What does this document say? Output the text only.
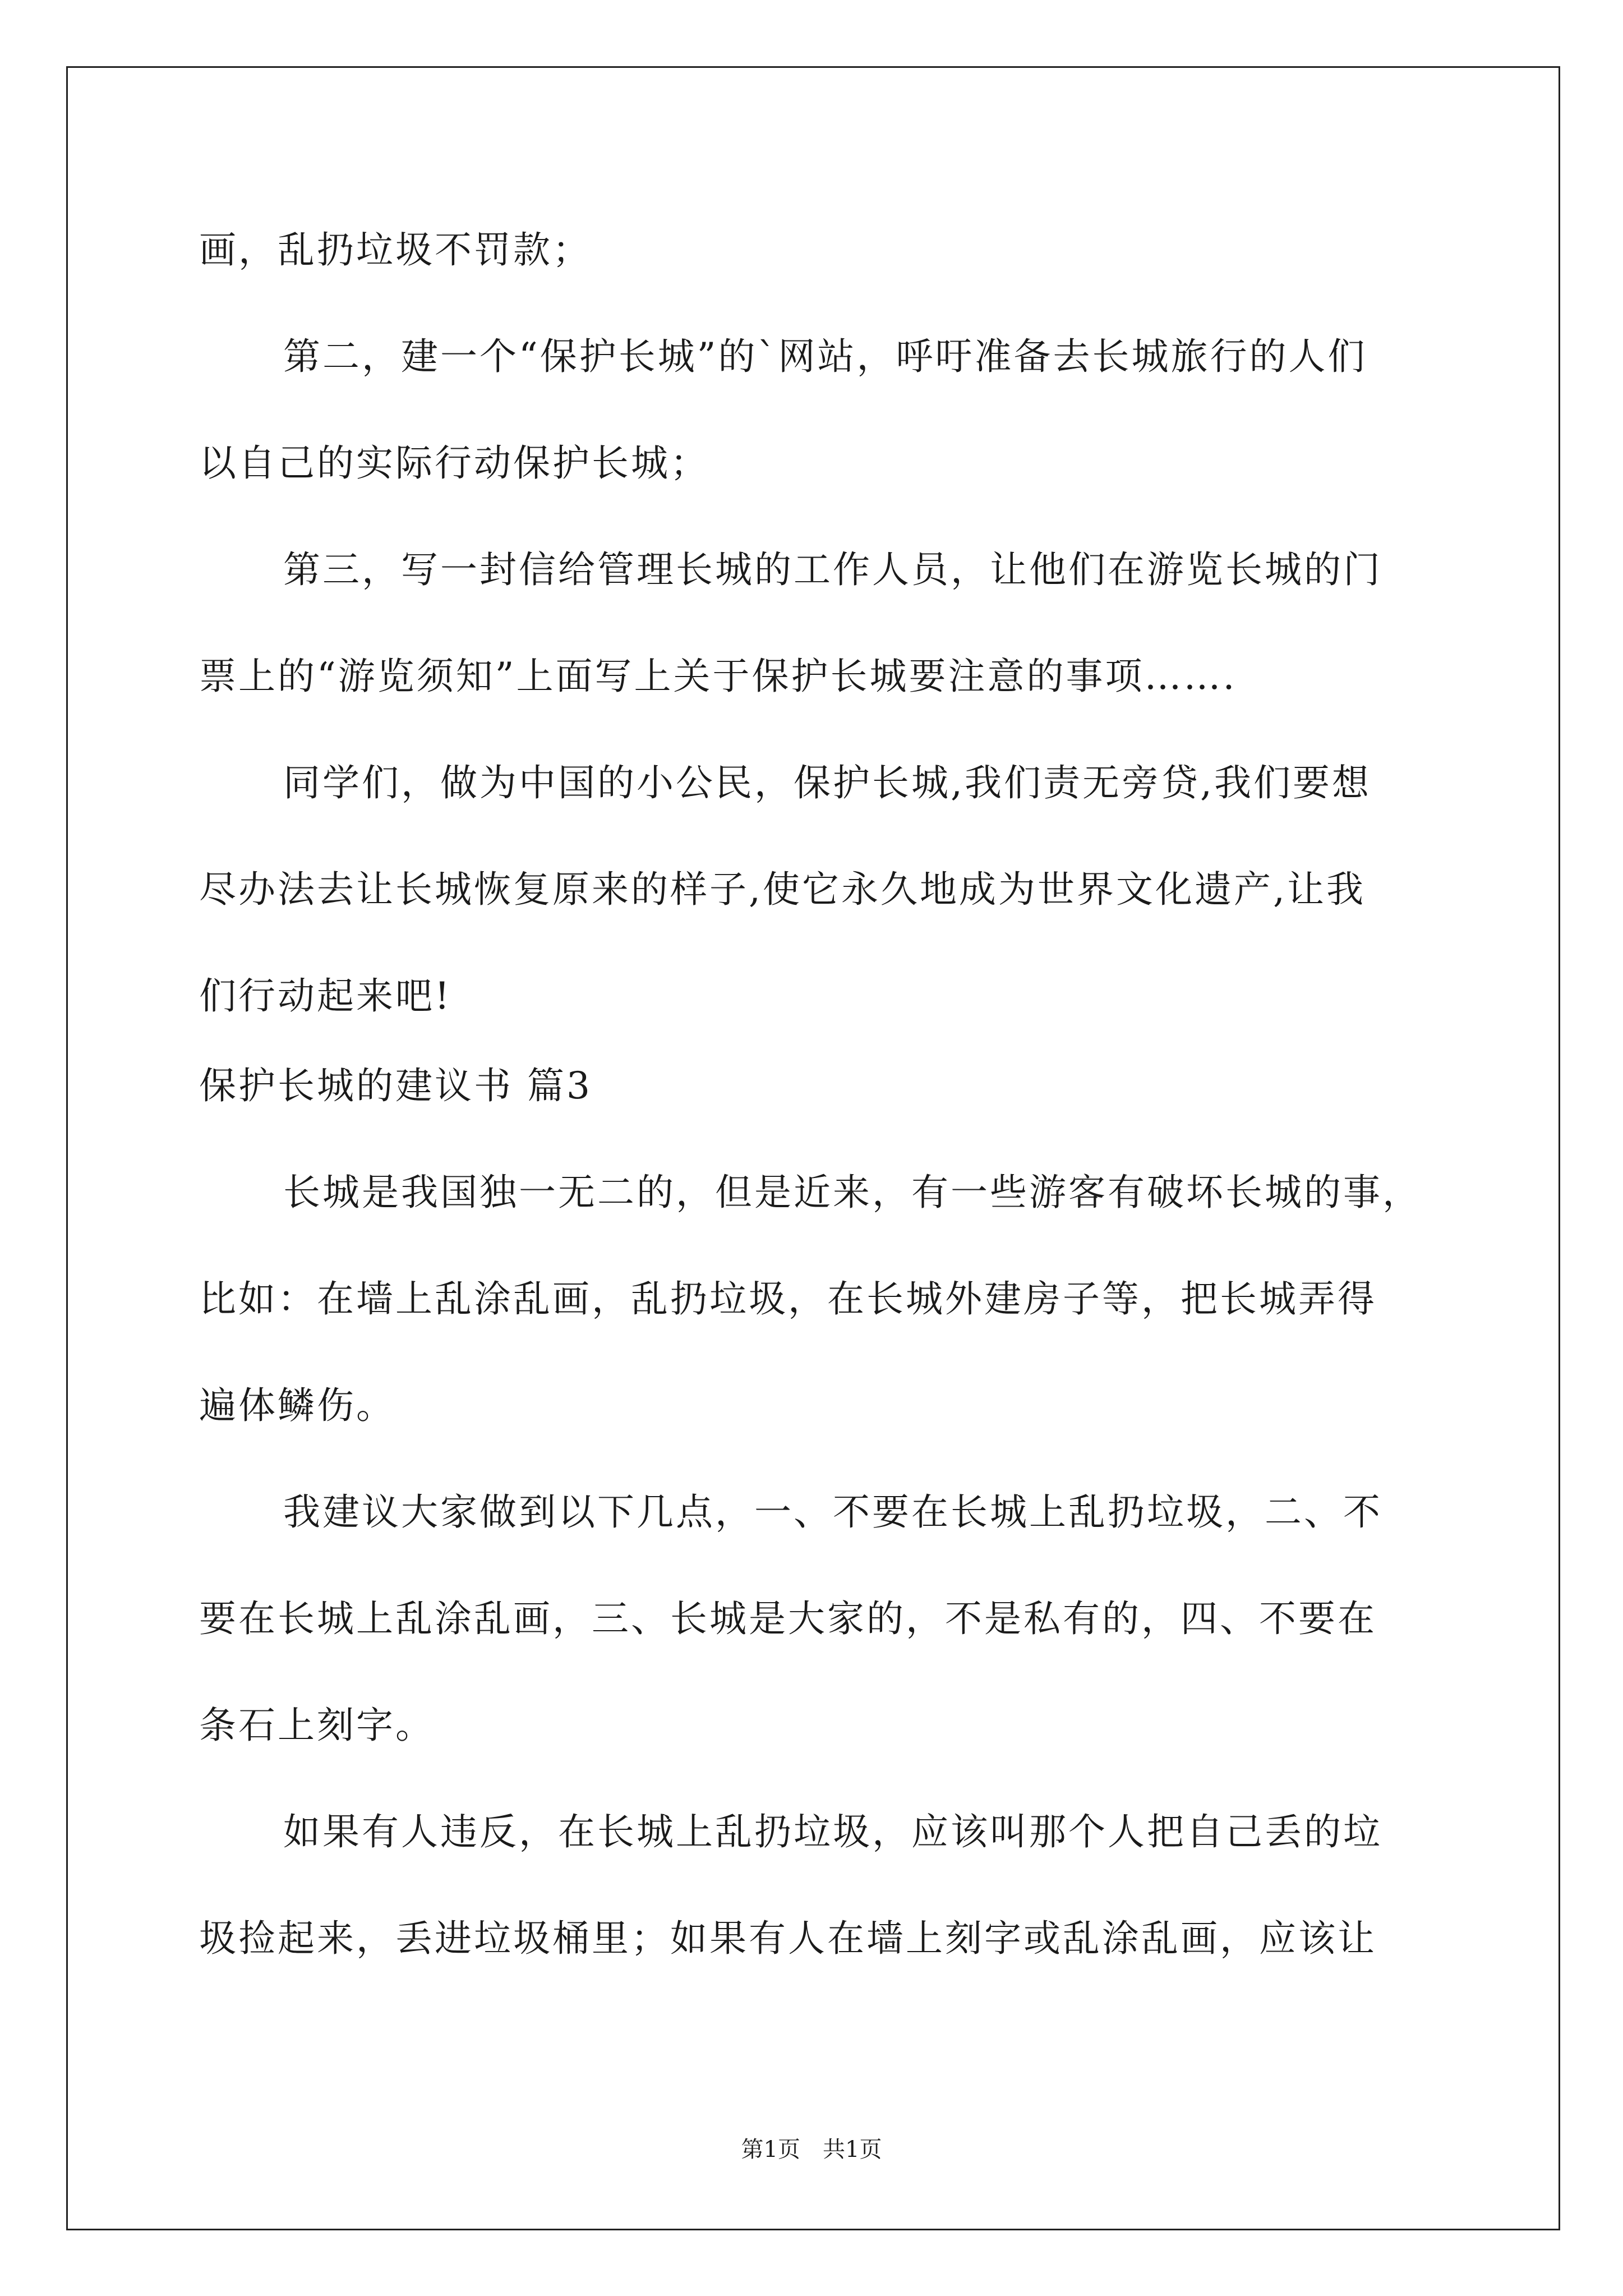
画，乱扔垃圾不罚款；
第二，建一个“保护长城”的`网站，呼吁准备去长城旅行的人们
以自己的实际行动保护长城；
第三，写一封信给管理长城的工作人员，让他们在游览长城的门
票上的“游览须知”上面写上关于保护长城要注意的事项…….
同学们，做为中国的小公民，保护长城,我们责无旁贷,我们要想
尽办法去让长城恢复原来的样子,使它永久地成为世界文化遗产,让我
们行动起来吧!
保护长城的建议书 篇3
长城是我国独一无二的，但是近来，有一些游客有破坏长城的事，
比如：在墙上乱涂乱画，乱扔垃圾，在长城外建房子等，把长城弄得
遍体鳞伤。
我建议大家做到以下几点，一、不要在长城上乱扔垃圾，二、不
要在长城上乱涂乱画，三、长城是大家的，不是私有的，四、不要在
条石上刻字。
如果有人违反，在长城上乱扔垃圾，应该叫那个人把自己丢的垃
圾捡起来，丢进垃圾桶里；如果有人在墙上刻字或乱涂乱画，应该让
第1页　共1页
